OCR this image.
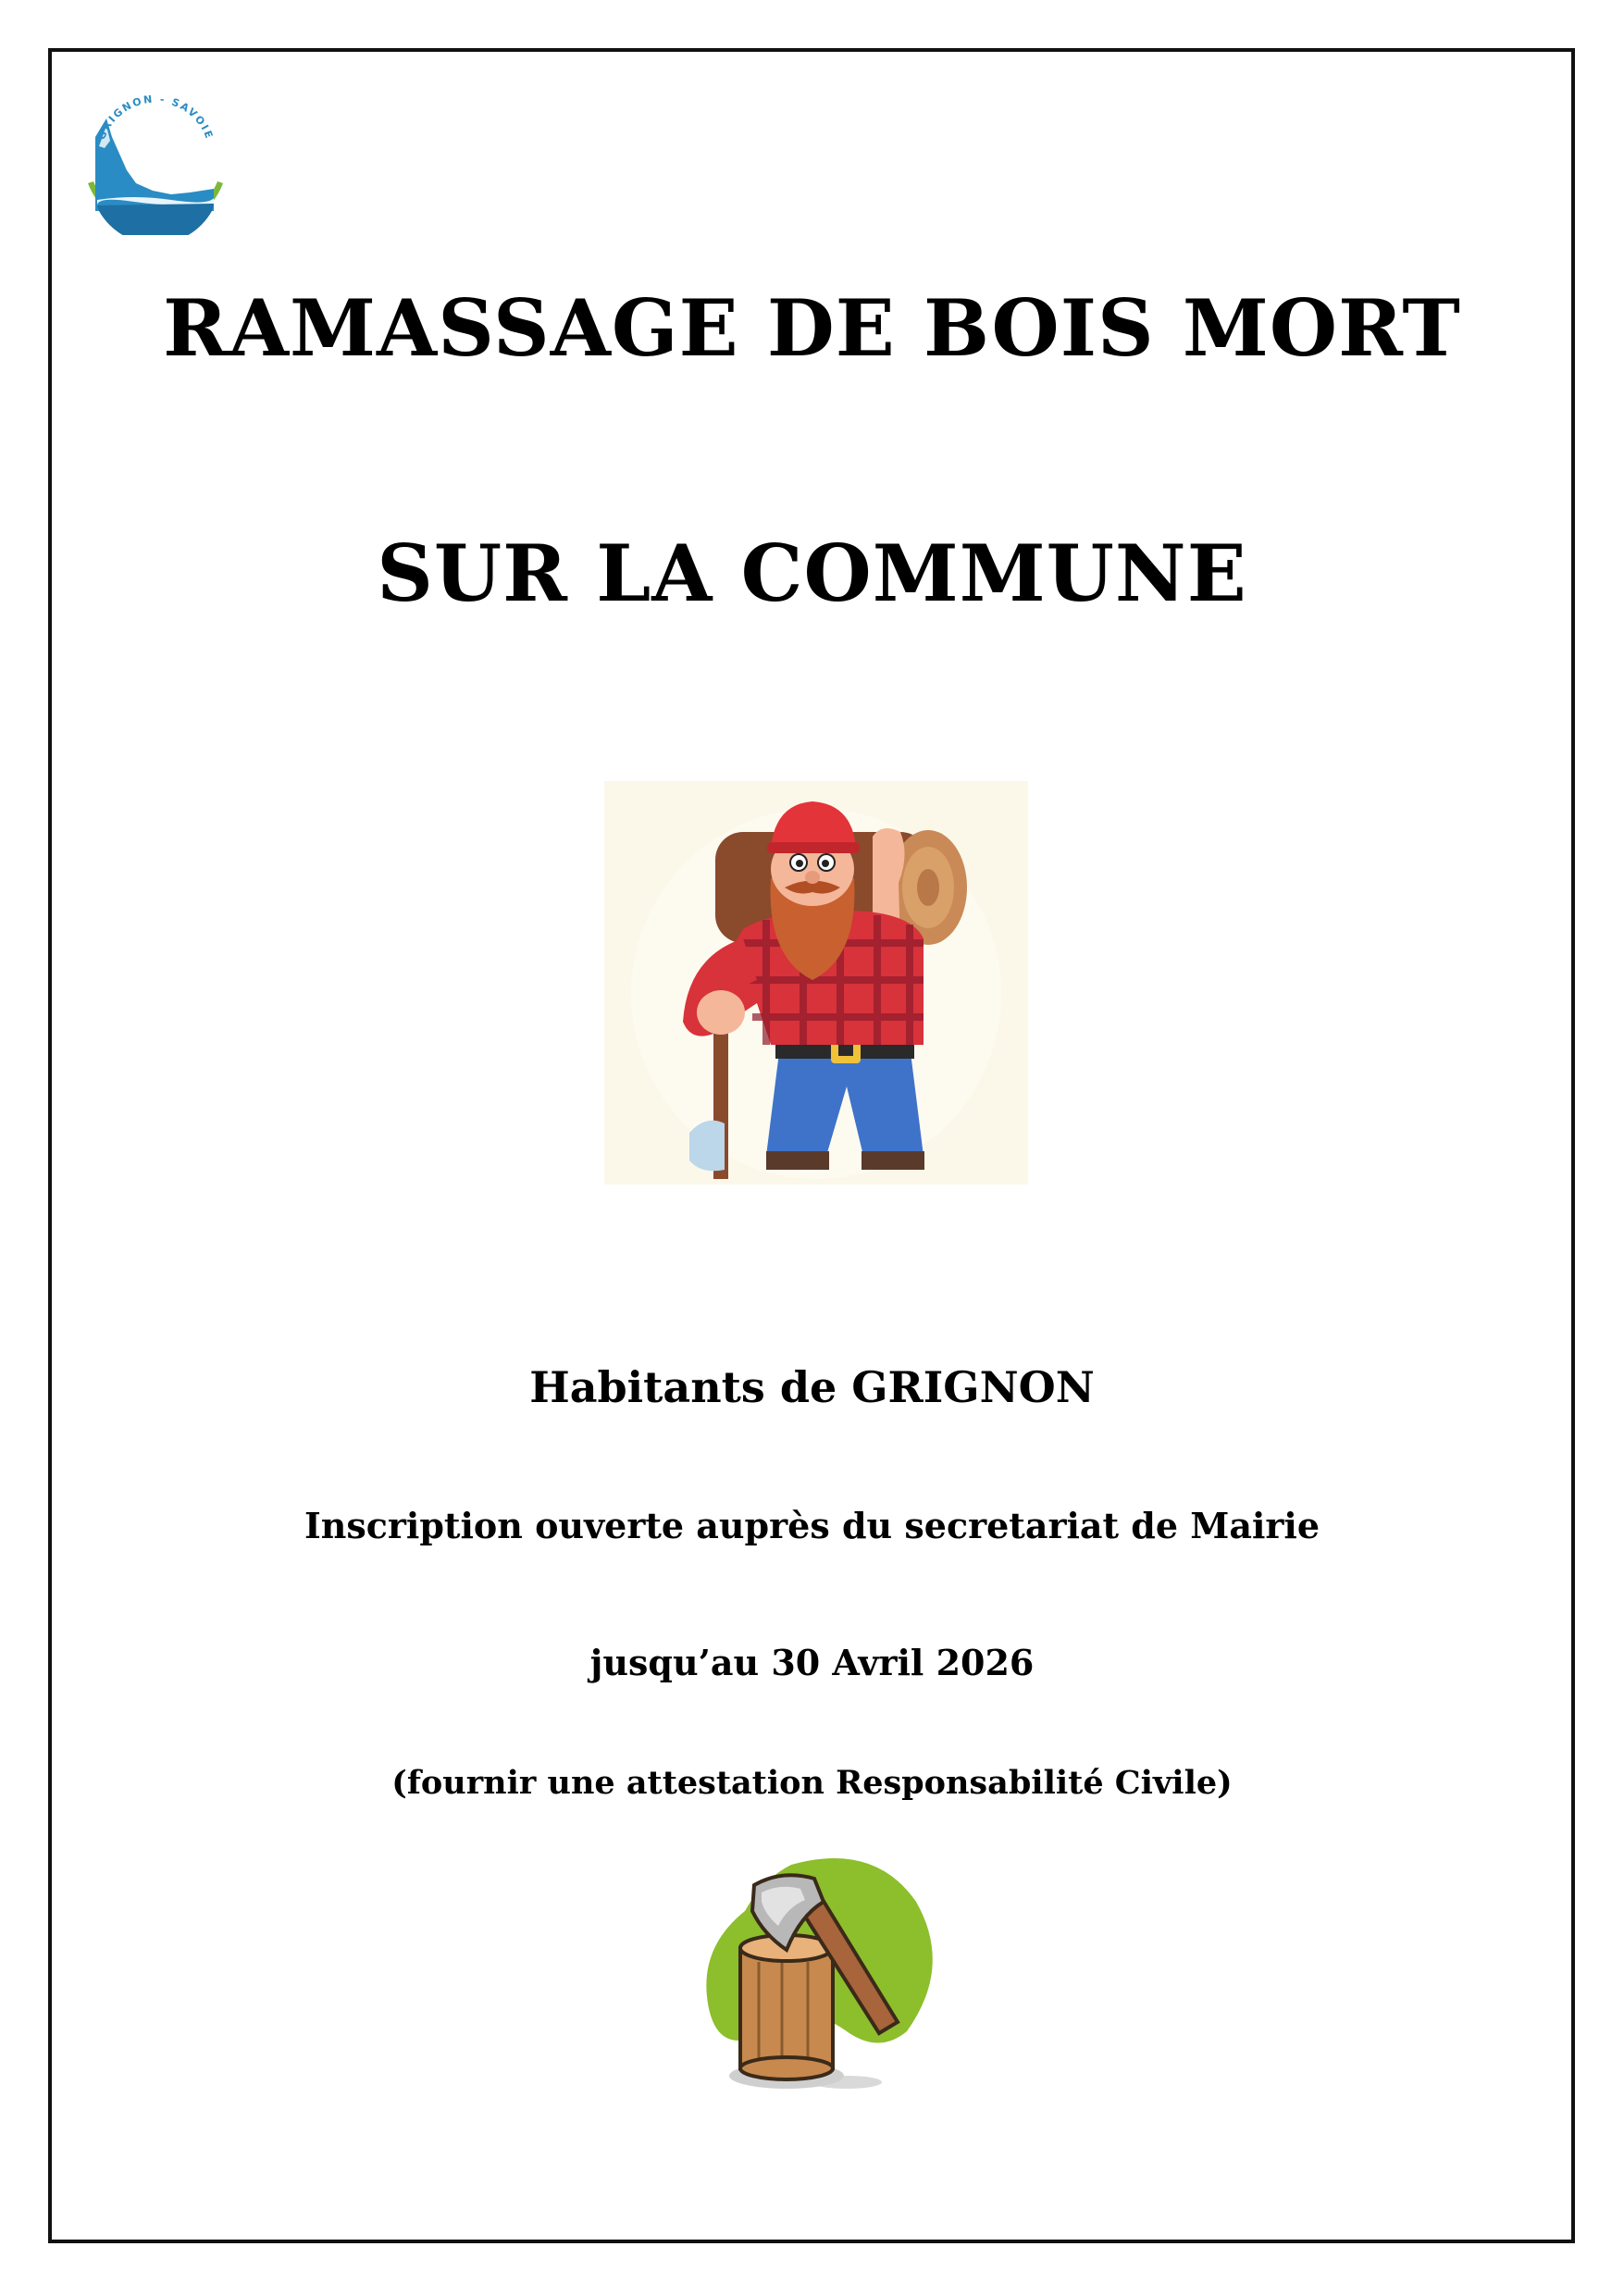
GRIGNON - SAVOIE
RAMASSAGE DE BOIS MORT
SUR LA COMMUNE
Habitants de GRIGNON
Inscription ouverte auprès du secretariat de Mairie
jusqu’au 30 Avril 2026
(fournir une attestation Responsabilité Civile)
